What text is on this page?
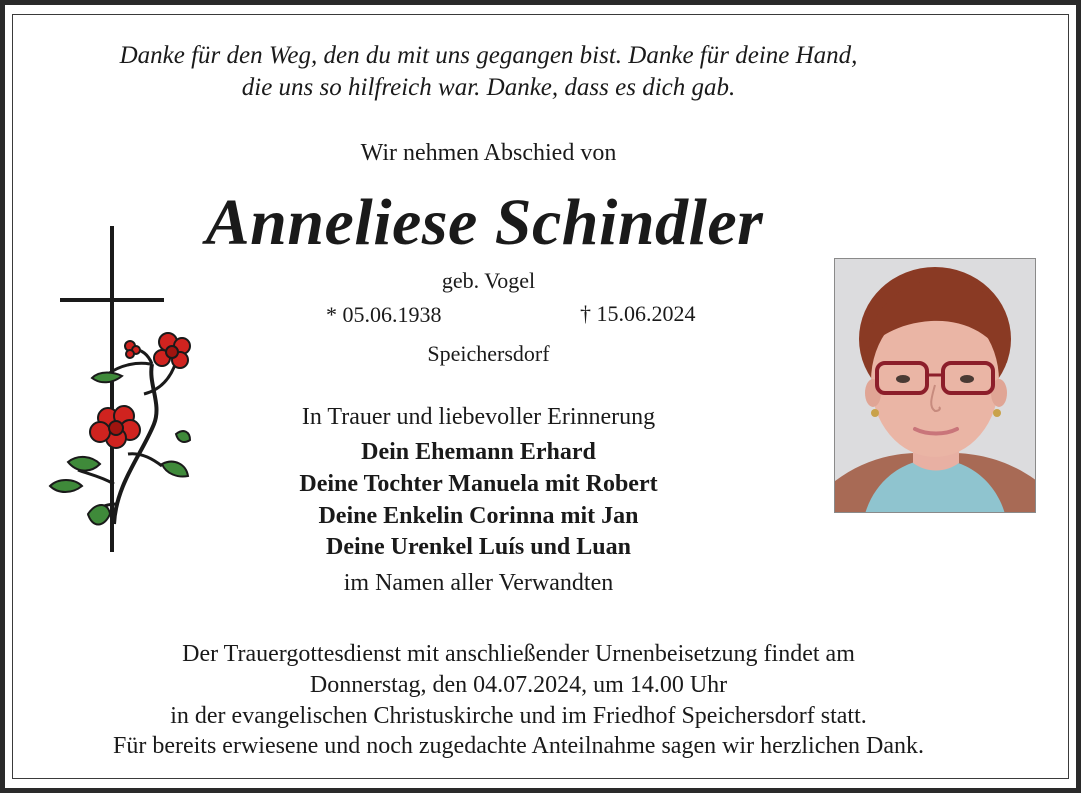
Danke für den Weg, den du mit uns gegangen bist. Danke für deine Hand,
die uns so hilfreich war. Danke, dass es dich gab.
Wir nehmen Abschied von
Anneliese Schindler
geb. Vogel
* 05.06.1938	† 15.06.2024
Speichersdorf
In Trauer und liebevoller Erinnerung
Dein Ehemann Erhard
Deine Tochter Manuela mit Robert
Deine Enkelin Corinna mit Jan
Deine Urenkel Luís und Luan
im Namen aller Verwandten
Der Trauergottesdienst mit anschließender Urnenbeisetzung findet am
Donnerstag, den 04.07.2024, um 14.00 Uhr
in der evangelischen Christuskirche und im Friedhof Speichersdorf statt.
Für bereits erwiesene und noch zugedachte Anteilnahme sagen wir herzlichen Dank.
